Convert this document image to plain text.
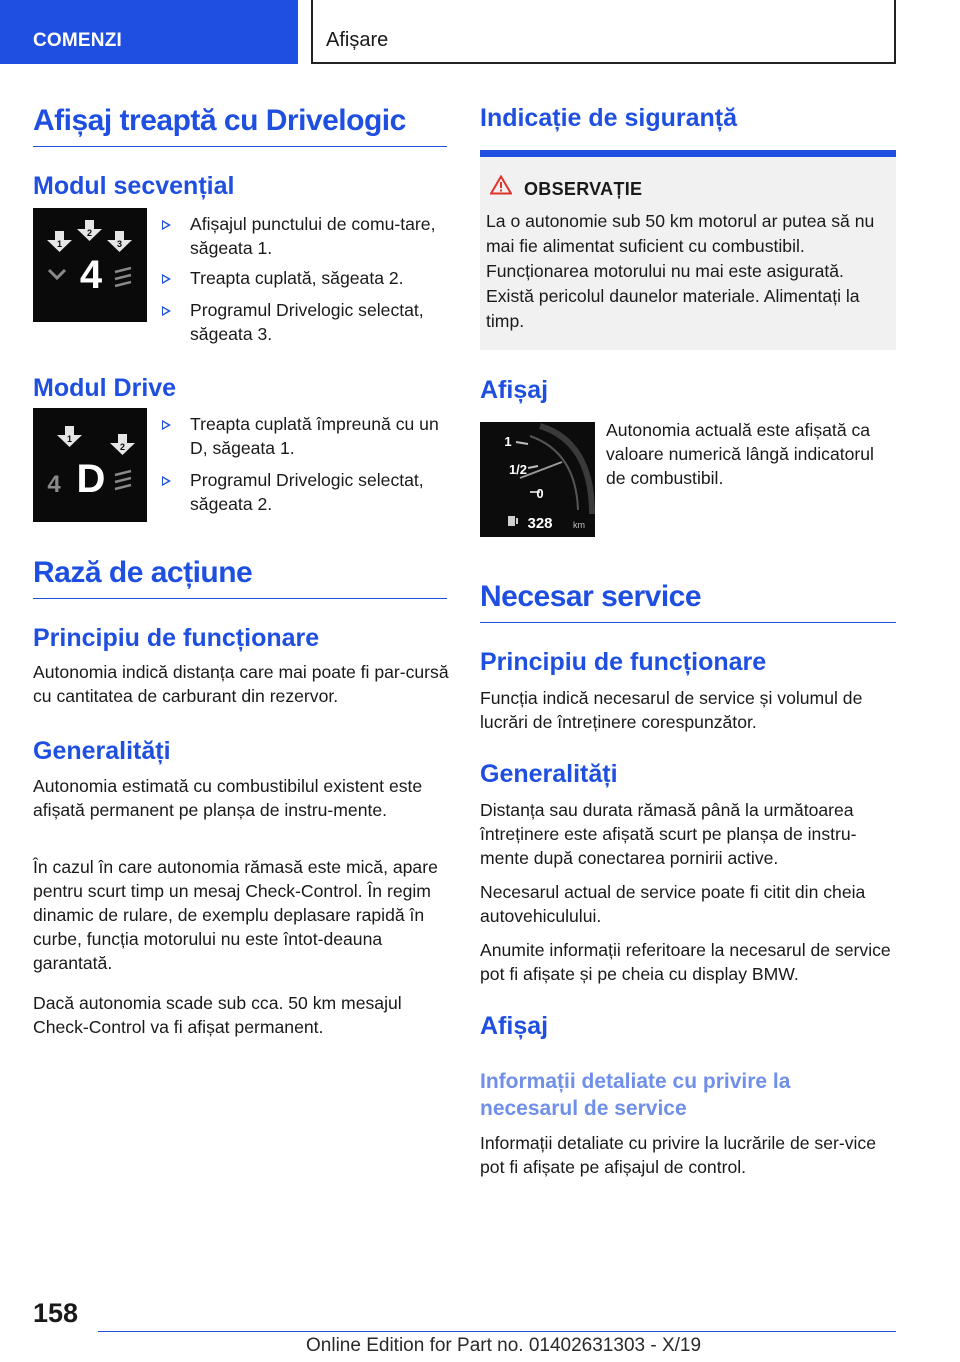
COMENZI	Afișare
Afișaj treaptă cu Drivelogic
Modul secvențial
1
2
3
4
Afișajul punctului de comu‐tare, săgeata 1.
Treapta cuplată, săgeata 2.
Programul Drivelogic selectat, săgeata 3.
Modul Drive
1
2
4 D
Treapta cuplată împreună cu un D, săgeata 1.
Programul Drivelogic selectat, săgeata 2.
Rază de acțiune
Principiu de funcționare
Autonomia indică distanța care mai poate fi par‐cursă cu cantitatea de carburant din rezervor.
Generalități
Autonomia estimată cu combustibilul existent este afișată permanent pe planșa de instru‐mente.
În cazul în care autonomia rămasă este mică, apare pentru scurt timp un mesaj Check-Control. În regim dinamic de rulare, de exemplu deplasare rapidă în curbe, funcția motorului nu este întot‐deauna garantată.
Dacă autonomia scade sub cca. 50 km mesajul Check-Control va fi afișat permanent.
Indicație de siguranță
OBSERVAȚIE
La o autonomie sub 50 km motorul ar putea să nu mai fie alimentat suficient cu combustibil. Funcționarea motorului nu mai este asigurată. Există pericolul daunelor materiale. Alimentați la timp.
Afișaj
1
1/2
0
328 km
Autonomia actuală este afișată ca valoare numerică lângă indicatorul de combustibil.
Necesar service
Principiu de funcționare
Funcția indică necesarul de service și volumul de lucrări de întreținere corespunzător.
Generalități
Distanța sau durata rămasă până la următoarea întreținere este afișată scurt pe planșa de instru‐mente după conectarea pornirii active.
Necesarul actual de service poate fi citit din cheia autovehiculului.
Anumite informații referitoare la necesarul de service pot fi afișate și pe cheia cu display BMW.
Afișaj
Informații detaliate cu privire la necesarul de service
Informații detaliate cu privire la lucrările de ser‐vice pot fi afișate pe afișajul de control.
158
Online Edition for Part no. 01402631303 - X/19
